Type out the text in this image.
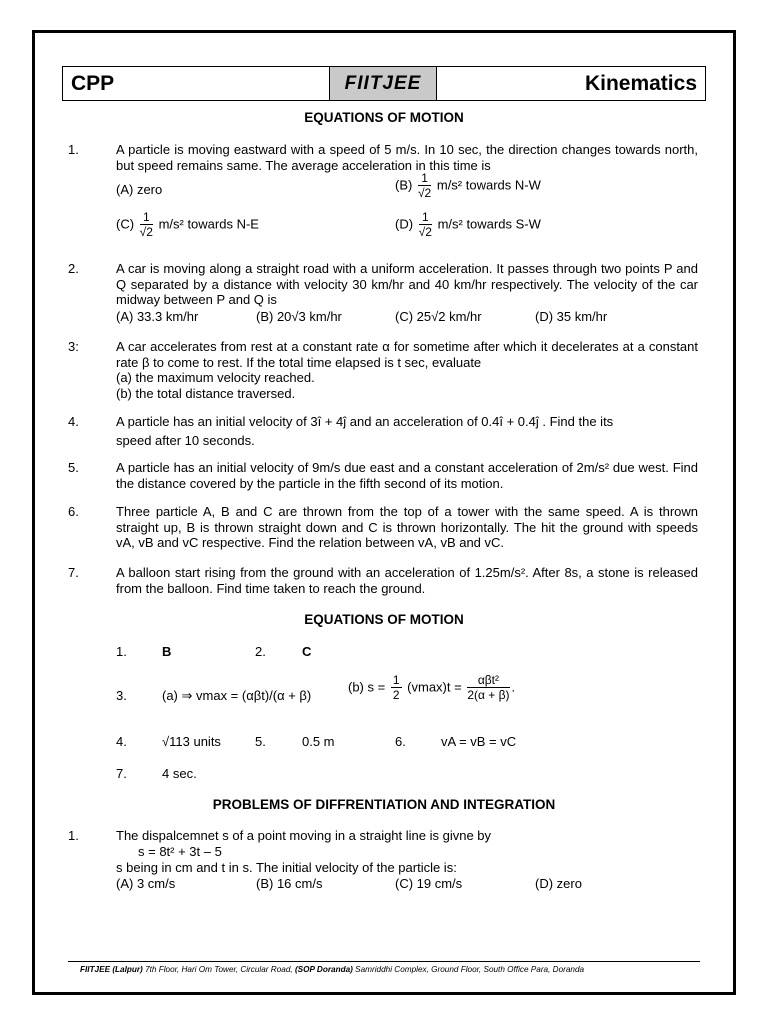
CPP	FIITJEE	Kinematics
EQUATIONS OF MOTION
1.	A particle is moving eastward with a speed of 5 m/s. In 10 sec, the direction changes towards north, but speed remains same. The average acceleration in this time is
(A) zero	$(B) \frac{1}{√2} m/s^2$ towards N-W
$(C) \frac{1}{√2} m/s^2$ towards N-E	$(D) \frac{1}{√2} m/s^2$ towards S-W
2.	A car is moving along a straight road with a uniform acceleration. It passes through two points P and Q separated by a distance with velocity 30 km/hr and 40 km/hr respectively. The velocity of the car midway between P and Q is
(A) 33.3 km/hr	(B) 20√3 km/hr	(C) 25√2 km/hr	(D) 35 km/hr
3:	A car accelerates from rest at a constant rate α for sometime after which it decelerates at a constant rate β to come to rest. If the total time elapsed is t sec, evaluate
(a) the maximum velocity reached.
(b) the total distance traversed.
4.	A particle has an initial velocity of 3î + 4ĵ and an acceleration of 0.4î + 0.4ĵ . Find the its
speed after 10 seconds.
5.	A particle has an initial velocity of 9m/s due east and a constant acceleration of 2m/s² due west. Find the distance covered by the particle in the fifth second of its motion.
6.	Three particle A, B and C are thrown from the top of a tower with the same speed. A is thrown straight up, B is thrown straight down and C is thrown horizontally. The hit the ground with speeds vA, vB and vC respective. Find the relation between vA, vB and vC.
7.	A balloon start rising from the ground with an acceleration of 1.25m/s². After 8s, a stone is released from the balloon. Find time taken to reach the ground.
EQUATIONS OF MOTION
1.	B	2.	C
3.	(a) ⇒ vmax = (αβt)/(α + β)
(b) $s = \frac{1}{2} (vmax)t = \frac{\text{αβt²}}{2(\alpha + \beta)}$ .
4.	√113 units	5.	0.5 m	6.	vA = vB = vC
7.	4 sec.
PROBLEMS OF DIFFRENTIATION AND INTEGRATION
1.	The dispalcemnet s of a point moving in a straight line is givne by
s = 8t² + 3t – 5
s being in cm and t in s. The initial velocity of the particle is:
(A) 3 cm/s	(B) 16 cm/s	(C) 19 cm/s	(D) zero
FIITJEE (Lalpur) 7th Floor, Hari Om Tower, Circular Road, (SOP Doranda) Samriddhi Complex, Ground Floor, South Office Para, Doranda
